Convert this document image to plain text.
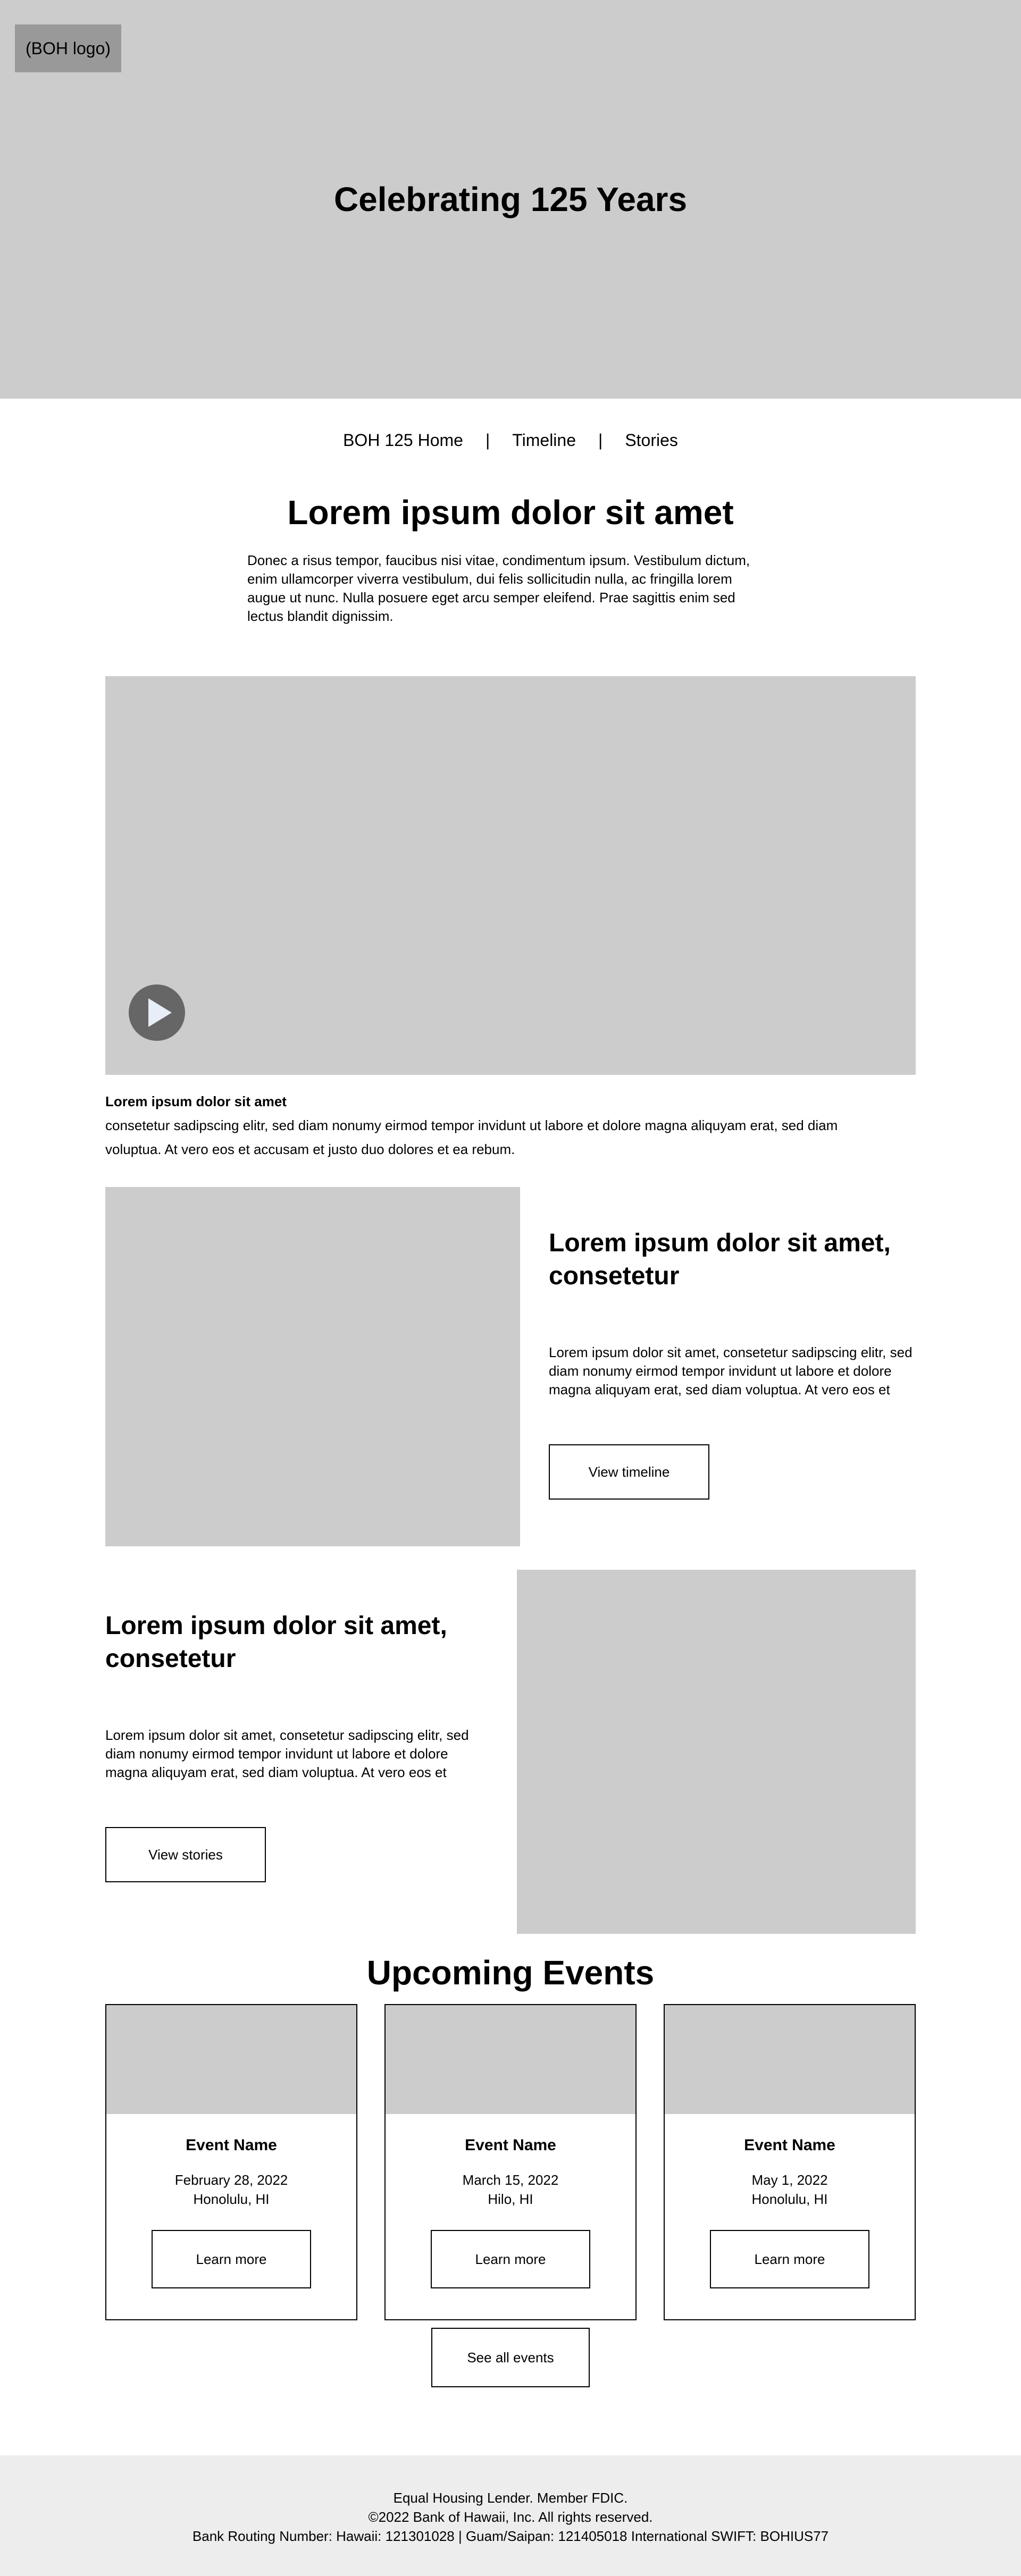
(BOH logo)
Celebrating 125 Years
BOH 125 Home | Timeline | Stories
Lorem ipsum dolor sit amet

Donec a risus tempor, faucibus nisi vitae, condimentum ipsum. Vestibulum dictum, enim ullamcorper viverra vestibulum, dui felis sollicitudin nulla, ac fringilla lorem augue ut nunc. Nulla posuere eget arcu semper eleifend. Prae sagittis enim sed lectus blandit dignissim.

Lorem ipsum dolor sit amet
consetetur sadipscing elitr, sed diam nonumy eirmod tempor invidunt ut labore et dolore magna aliquyam erat, sed diam voluptua. At vero eos et accusam et justo duo dolores et ea rebum.
Lorem ipsum dolor sit amet, consetetur

Lorem ipsum dolor sit amet, consetetur sadipscing elitr, sed diam nonumy eirmod tempor invidunt ut labore et dolore magna aliquyam erat, sed diam voluptua. At vero eos et

View timeline
Lorem ipsum dolor sit amet, consetetur

Lorem ipsum dolor sit amet, consetetur sadipscing elitr, sed diam nonumy eirmod tempor invidunt ut labore et dolore magna aliquyam erat, sed diam voluptua. At vero eos et

View stories
Upcoming Events
Event Name
February 28, 2022
Honolulu, HI
Learn more
Event Name
March 15, 2022
Hilo, HI
Learn more
Event Name
May 1, 2022
Honolulu, HI
Learn more
See all events
Equal Housing Lender. Member FDIC.
©2022 Bank of Hawaii, Inc. All rights reserved.
Bank Routing Number: Hawaii: 121301028 | Guam/Saipan: 121405018 International SWIFT: BOHIUS77
